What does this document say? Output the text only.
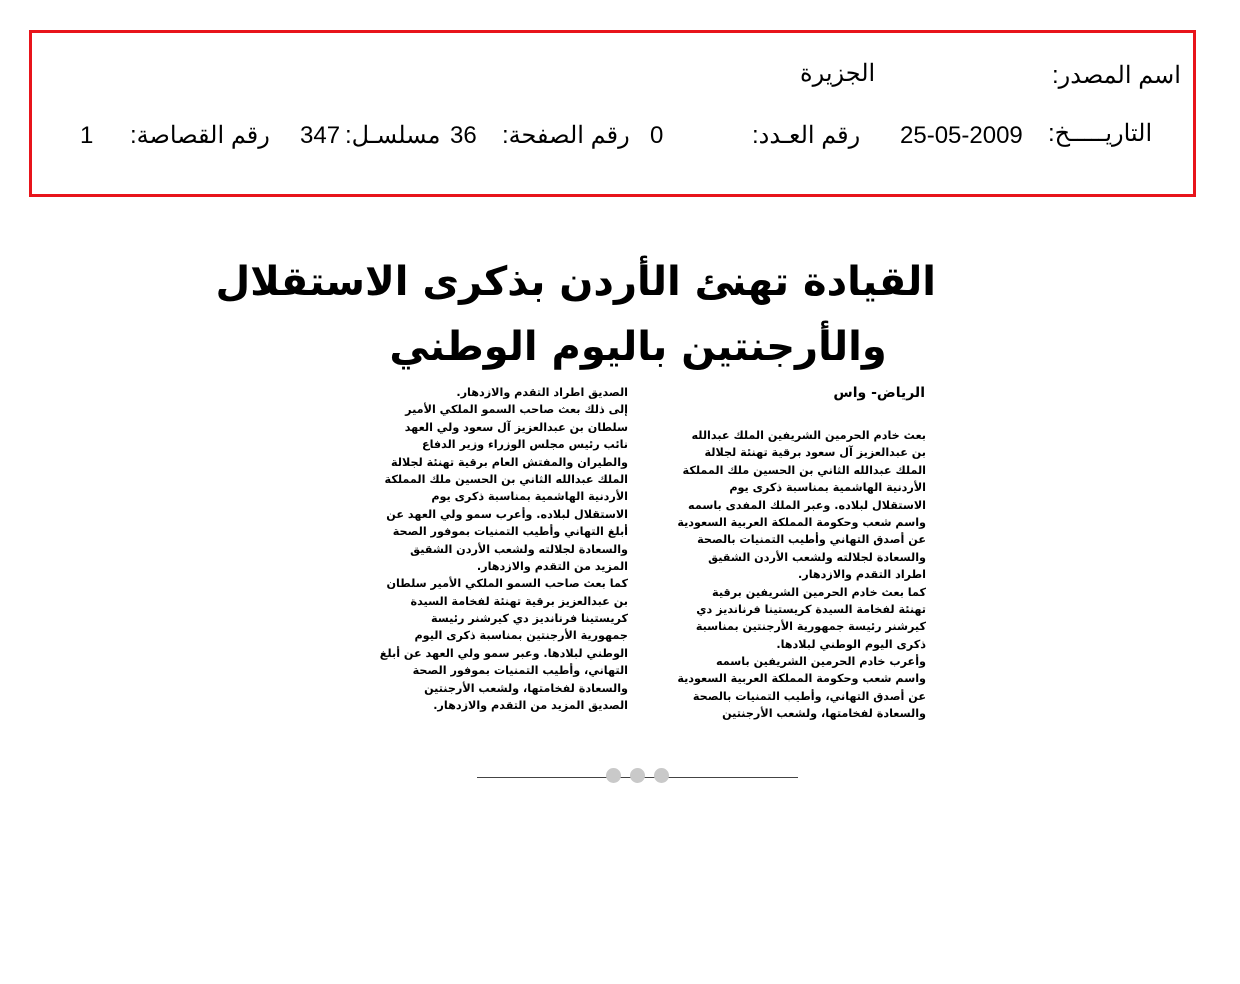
اسم المصدر:
الجزيرة
التاريـــــخ:
25-05-2009
رقم العـدد:
0
رقم الصفحة:
36
مسلسـل:
347
رقم القصاصة:
1
القيادة تهنئ الأردن بذكرى الاستقلال
والأرجنتين باليوم الوطني
الرياض- واس
بعث خادم الحرمين الشريفين الملك عبدالله
بن عبدالعزيز آل سعود برقية تهنئة لجلالة
الملك عبدالله الثاني بن الحسين ملك المملكة
الأردنية الهاشمية بمناسبة ذكرى يوم
الاستقلال لبلاده. وعبر الملك المفدى باسمه
واسم شعب وحكومة المملكة العربية السعودية
عن أصدق التهاني وأطيب التمنيات بالصحة
والسعادة لجلالته ولشعب الأردن الشقيق
اطراد التقدم والازدهار.
كما بعث خادم الحرمين الشريفين برقية
تهنئة لفخامة السيدة كريستينا فرنانديز دي
كيرشنر رئيسة جمهورية الأرجنتين بمناسبة
ذكرى اليوم الوطني لبلادها.
وأعرب خادم الحرمين الشريفين باسمه
واسم شعب وحكومة المملكة العربية السعودية
عن أصدق التهاني، وأطيب التمنيات بالصحة
والسعادة لفخامتها، ولشعب الأرجنتين
الصديق اطراد التقدم والازدهار.
إلى ذلك بعث صاحب السمو الملكي الأمير
سلطان بن عبدالعزيز آل سعود ولي العهد
نائب رئيس مجلس الوزراء وزير الدفاع
والطيران والمفتش العام برقية تهنئة لجلالة
الملك عبدالله الثاني بن الحسين ملك المملكة
الأردنية الهاشمية بمناسبة ذكرى يوم
الاستقلال لبلاده. وأعرب سمو ولي العهد عن
أبلغ التهاني وأطيب التمنيات بموفور الصحة
والسعادة لجلالته ولشعب الأردن الشقيق
المزيد من التقدم والازدهار.
كما بعث صاحب السمو الملكي الأمير سلطان
بن عبدالعزيز برقية تهنئة لفخامة السيدة
كريستينا فرنانديز دي كيرشنر رئيسة
جمهورية الأرجنتين بمناسبة ذكرى اليوم
الوطني لبلادها. وعبر سمو ولي العهد عن أبلغ
التهاني، وأطيب التمنيات بموفور الصحة
والسعادة لفخامتها، ولشعب الأرجنتين
الصديق المزيد من التقدم والازدهار.
